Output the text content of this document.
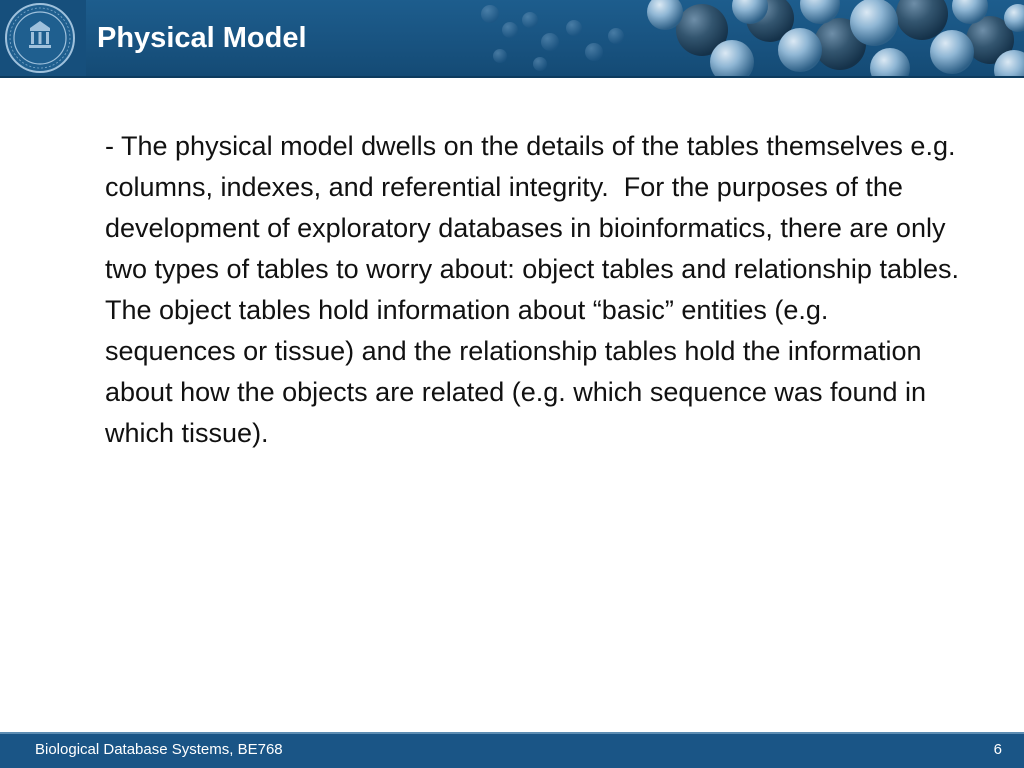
Physical Model
- The physical model dwells on the details of the tables themselves e.g. columns, indexes, and referential integrity.  For the purposes of the development of exploratory databases in bioinformatics, there are only two types of tables to worry about: object tables and relationship tables.  The object tables hold information about “basic” entities (e.g. sequences or tissue) and the relationship tables hold the information about how the objects are related (e.g. which sequence was found in which tissue).
Biological Database Systems, BE768	6
